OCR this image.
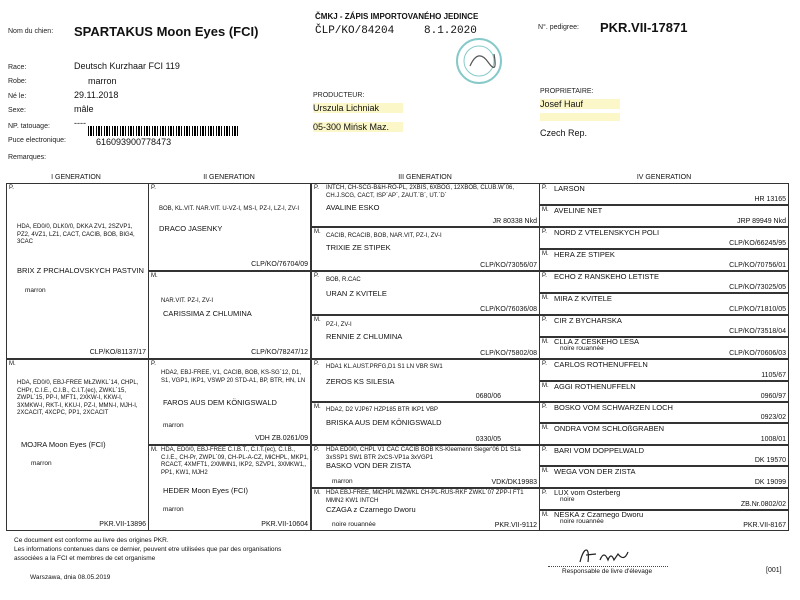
Nom du chien: SPARTAKUS Moon Eyes (FCI)
ČMKJ - ZÁPIS IMPORTOVANÉHO JEDINCE
ČLP/KO/84204	8.1.2020	N°. pedigree: PKR.VII-17871
Race:	Deutsch Kurzhaar FCI 119
Robe:	marron
Né le:	29.11.2018
Sexe:	mâle
NP. tatouage:	----
Puce electronique:	616093900778473
Remarques:
PRODUCTEUR:
Urszula Lichniak
05-300 Mińsk Maz.
PROPRIETAIRE:
Josef Hauf
Czech Rep.
I GENERATION	II GENERATION	III GENERATION	IV GENERATION
P.
HDA, ED0/0, DLK0/0, DKKA ZV1, 2SZVP1, PZ2, 4VZ1, LZ1, CACT, CACIB, BOB, BIG4, 3CAC
BRIX Z PRCHALOVSKYCH PASTVIN
marron
CLP/KO/81137/17
M.
HDA, ED0/0, EBJ-FREE MŁZWKL`14, CHPL, CHPr, C.I.E., C.I.B., C.I.T.(ec), ZWKL`15, ZWPL`15, PP-I, MFT1, 2XKW-I, KKW-I, 3XMKW-I, RKT-I, KKU-I, PZ-I, MMN-I, MJH-I, 2XCACIT, 4XCPC, PP1, 2XCACIT
MOJRA Moon Eyes (FCI)
marron
PKR.VII-13896
P.
BOB, KL.VIT. NAR.VIT. U-VZ-I, MS-I, PZ-I, LZ-I, ZV-I
DRACO JASENKY
CLP/KO/76704/09
M.
NAR.VIT. PZ-I, ZV-I
CARISSIMA Z CHLUMINA
CLP/KO/78247/12
P.
HDA2, EBJ-FREE, V1, CACIB, BOB, KS-SG`12, D1, S1, VGP1, IKP1, VSWP 20 STD-A1, BP, BTR, HN, LN
FAROS AUS DEM KÖNIGSWALD
marron
VDH ZB.0261/09
M. HDA, ED0/0, EBJ-FREE C.I.B.T., C.I.T.(ec), C.I.B., C.I.E., CH-Pr, ZWPL`09, CH-PL-A-CZ, MłCHPL, MKP1, RCACT, 4XMFT1, 2XMMN1, IKP2, SZVP1, 3XMKW1,, PP1, KW1, MJH2
HEDER Moon Eyes (FCI)
marron
PKR.VII-10604
P. INTCH, CH-SCG-B&H-RO-PL, 2XBIS, 6XBOG, 12XBOB, CLUB.W`06, CH.J.SCG, CACT, ISP`AP`, ZAUT.`B`, UT.`D`
AVALINE ESKO
JR 80338 Nkd
M.
CACIB, RCACIB, BOB, NAR.VIT, PZ-I, ZV-I
TRIXIE ZE STIPEK
CLP/KO/73056/07
P.
BOB, R.CAC
URAN Z KVITELE
CLP/KO/76036/08
M.
PZ-I, ZV-I
RENNIE Z CHLUMINA
CLP/KO/75802/08
P. HDA1 KL.AUST.PRFG,D1 S1 LN VBR SW1
ZEROS KS SILESIA
0680/06
M. HDA2, D2 VJP67 HZP185 BTR IKP1 VBP
BRISKA AUS DEM KÖNIGSWALD
0330/05
P. HDA ED0/0, CHPL V1 CAC CACIB BOB KS-Kleemenn Sieger'06 D1 S1a 3xSSP1 SW1 BTR 2xCS-VP1a 3xVGP1
BASKO VON DER ZISTA
marron	VDK/DK19983
M. HDA EBJ-FREE, MłCHPL MłZWKL CH-PL-RUS-RKF ZWKL`07 ZPP-I FT1 MMN2 KW1 INTCH
CZAGA z Czarnego Dworu
noire rouannée	PKR.VII-9112
P. LARSON
HR 13165
M. AVELINE NET
JRP 89949 Nkd
P. NORD Z VTELENSKYCH POLI
CLP/KO/66245/95
M. HERA ZE STIPEK
CLP/KO/70756/01
P. ECHO Z RANSKEHO LETISTE
CLP/KO/73025/05
M. MIRA Z KVITELE
CLP/KO/71810/05
P. CIR Z BYCHARSKA
CLP/KO/73518/04
M. CLLA Z CESKEHO LESA
noire rouannée
CLP/KO/70606/03
P. CARLOS ROTHENUFFELN
1105/67
M. AGGI ROTHENUFFELN
0960/97
P. BOSKO VOM SCHWARZEN LOCH
0923/02
M. ONDRA VOM SCHLOßGRABEN
1008/01
P. BARI VOM DOPPELWALD
DK 19570
M. WEGA VON DER ZISTA
DK 19099
P. LUX vom Osterberg
noire
ZB.Nr.0802/02
M. NESKA z Czarnego Dworu
noire rouannée
PKR.VII-8167
Ce document est conforme au livre des origines PKR.
Les informations contenues dans ce dernier, peuvent etre utilisées que par des organisations
associées a la FCI et membres de cet organisme
Warszawa, dnia 08.05.2019
Responsable de livre d'élevage	[001]
